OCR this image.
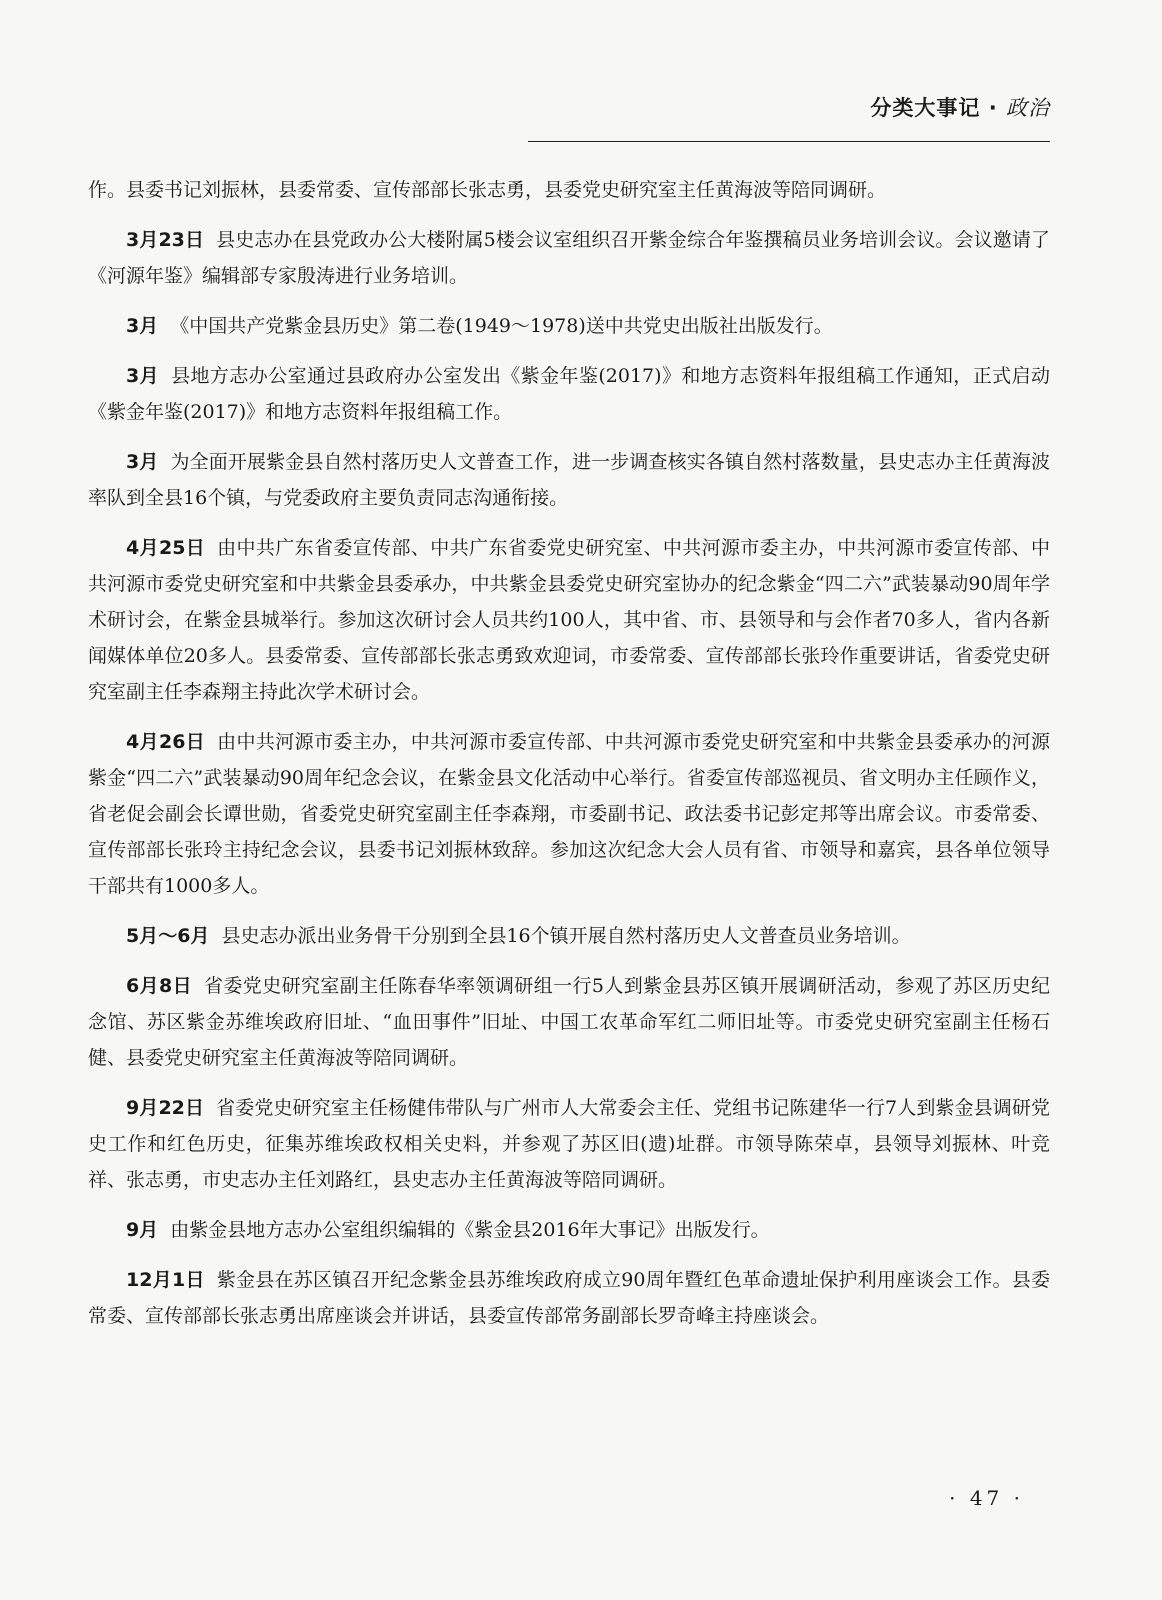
分类大事记 · 政治

作。县委书记刘振林，县委常委、宣传部部长张志勇，县委党史研究室主任黄海波等陪同调研。

3月23日 县史志办在县党政办公大楼附属5楼会议室组织召开紫金综合年鉴撰稿员业务培训会议。会议邀请了《河源年鉴》编辑部专家殷涛进行业务培训。

3月 《中国共产党紫金县历史》第二卷(1949～1978)送中共党史出版社出版发行。

3月 县地方志办公室通过县政府办公室发出《紫金年鉴(2017)》和地方志资料年报组稿工作通知，正式启动《紫金年鉴(2017)》和地方志资料年报组稿工作。

3月 为全面开展紫金县自然村落历史人文普查工作，进一步调查核实各镇自然村落数量，县史志办主任黄海波率队到全县16个镇，与党委政府主要负责同志沟通衔接。

4月25日 由中共广东省委宣传部、中共广东省委党史研究室、中共河源市委主办，中共河源市委宣传部、中共河源市委党史研究室和中共紫金县委承办，中共紫金县委党史研究室协办的纪念紫金“四二六”武装暴动90周年学术研讨会，在紫金县城举行。参加这次研讨会人员共约100人，其中省、市、县领导和与会作者70多人，省内各新闻媒体单位20多人。县委常委、宣传部部长张志勇致欢迎词，市委常委、宣传部部长张玲作重要讲话，省委党史研究室副主任李森翔主持此次学术研讨会。

4月26日 由中共河源市委主办，中共河源市委宣传部、中共河源市委党史研究室和中共紫金县委承办的河源紫金“四二六”武装暴动90周年纪念会议，在紫金县文化活动中心举行。省委宣传部巡视员、省文明办主任顾作义，省老促会副会长谭世勋，省委党史研究室副主任李森翔，市委副书记、政法委书记彭定邦等出席会议。市委常委、宣传部部长张玲主持纪念会议，县委书记刘振林致辞。参加这次纪念大会人员有省、市领导和嘉宾，县各单位领导干部共有1000多人。

5月～6月 县史志办派出业务骨干分别到全县16个镇开展自然村落历史人文普查员业务培训。

6月8日 省委党史研究室副主任陈春华率领调研组一行5人到紫金县苏区镇开展调研活动，参观了苏区历史纪念馆、苏区紫金苏维埃政府旧址、“血田事件”旧址、中国工农革命军红二师旧址等。市委党史研究室副主任杨石健、县委党史研究室主任黄海波等陪同调研。

9月22日 省委党史研究室主任杨健伟带队与广州市人大常委会主任、党组书记陈建华一行7人到紫金县调研党史工作和红色历史，征集苏维埃政权相关史料，并参观了苏区旧(遗)址群。市领导陈荣卓，县领导刘振林、叶竞祥、张志勇，市史志办主任刘路红，县史志办主任黄海波等陪同调研。

9月 由紫金县地方志办公室组织编辑的《紫金县2016年大事记》出版发行。

12月1日 紫金县在苏区镇召开纪念紫金县苏维埃政府成立90周年暨红色革命遗址保护利用座谈会工作。县委常委、宣传部部长张志勇出席座谈会并讲话，县委宣传部常务副部长罗奇峰主持座谈会。

· 47 ·
